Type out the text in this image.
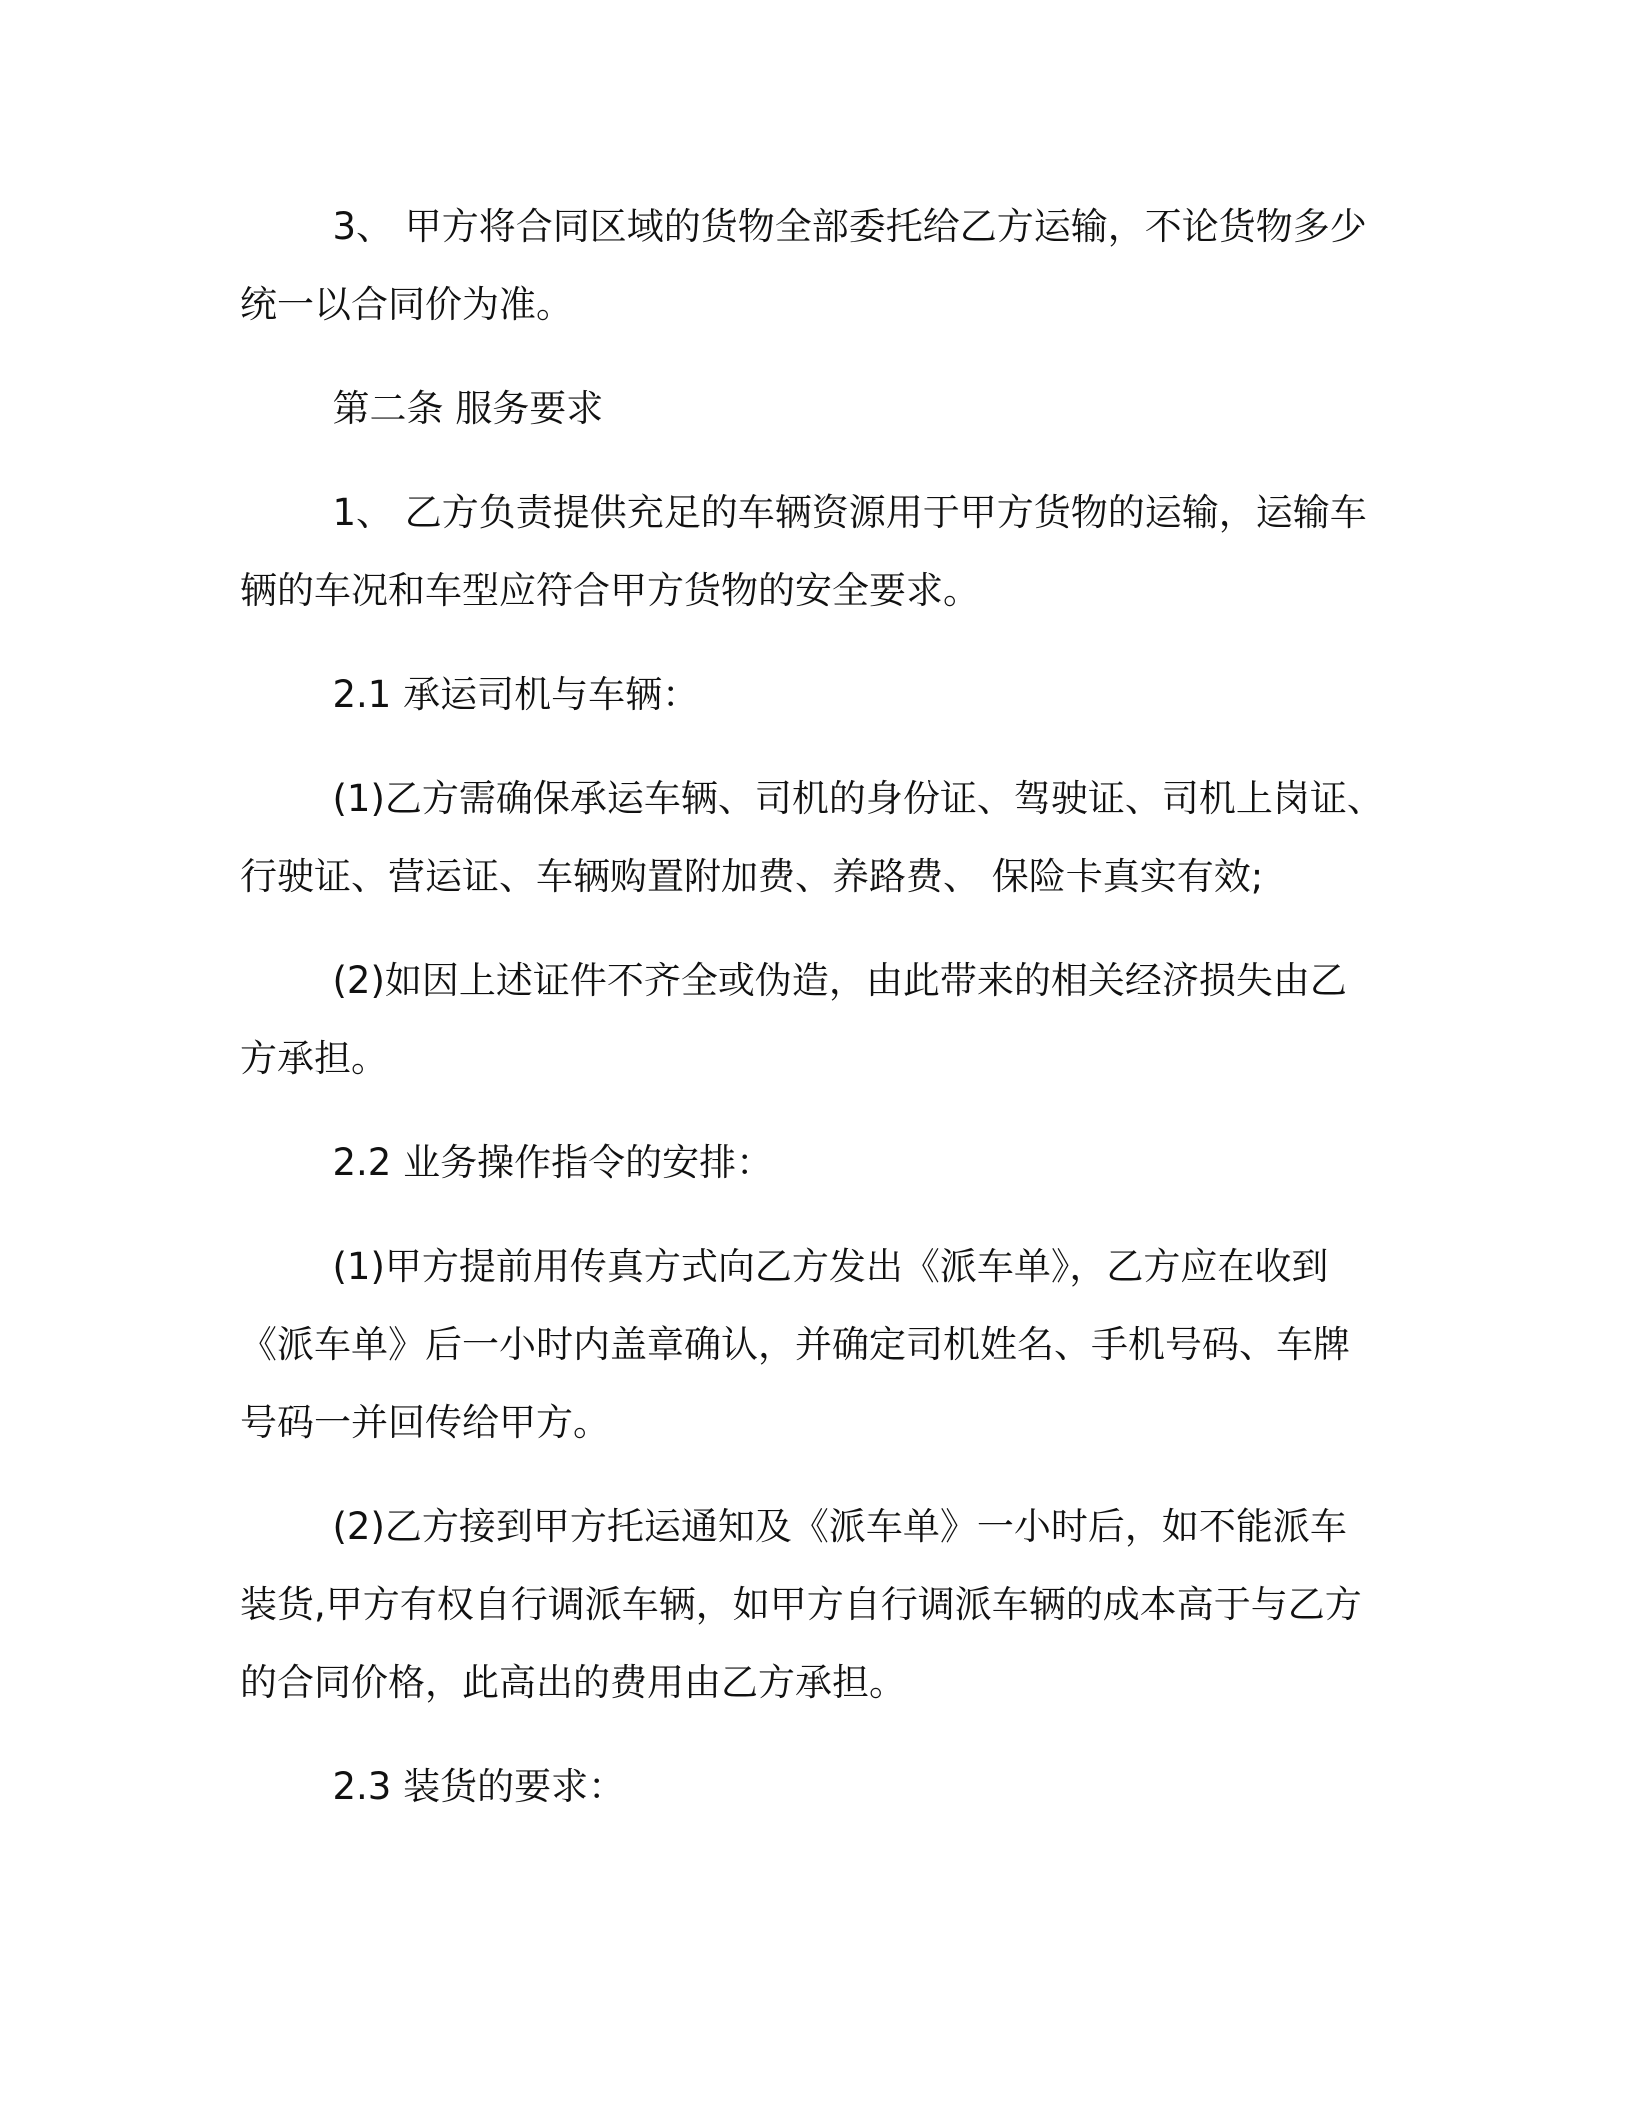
3、 甲方将合同区域的货物全部委托给乙方运输，不论货物多少
统一以合同价为准。

第二条 服务要求

1、 乙方负责提供充足的车辆资源用于甲方货物的运输，运输车
辆的车况和车型应符合甲方货物的安全要求。

2.1 承运司机与车辆：

(1)乙方需确保承运车辆、司机的身份证、驾驶证、司机上岗证、
行驶证、营运证、车辆购置附加费、养路费、 保险卡真实有效;

(2)如因上述证件不齐全或伪造，由此带来的相关经济损失由乙
方承担。

2.2 业务操作指令的安排：

(1)甲方提前用传真方式向乙方发出《派车单》，乙方应在收到
《派车单》后一小时内盖章确认，并确定司机姓名、手机号码、车牌
号码一并回传给甲方。

(2)乙方接到甲方托运通知及《派车单》一小时后，如不能派车
装货,甲方有权自行调派车辆，如甲方自行调派车辆的成本高于与乙方
的合同价格，此高出的费用由乙方承担。

2.3 装货的要求：
